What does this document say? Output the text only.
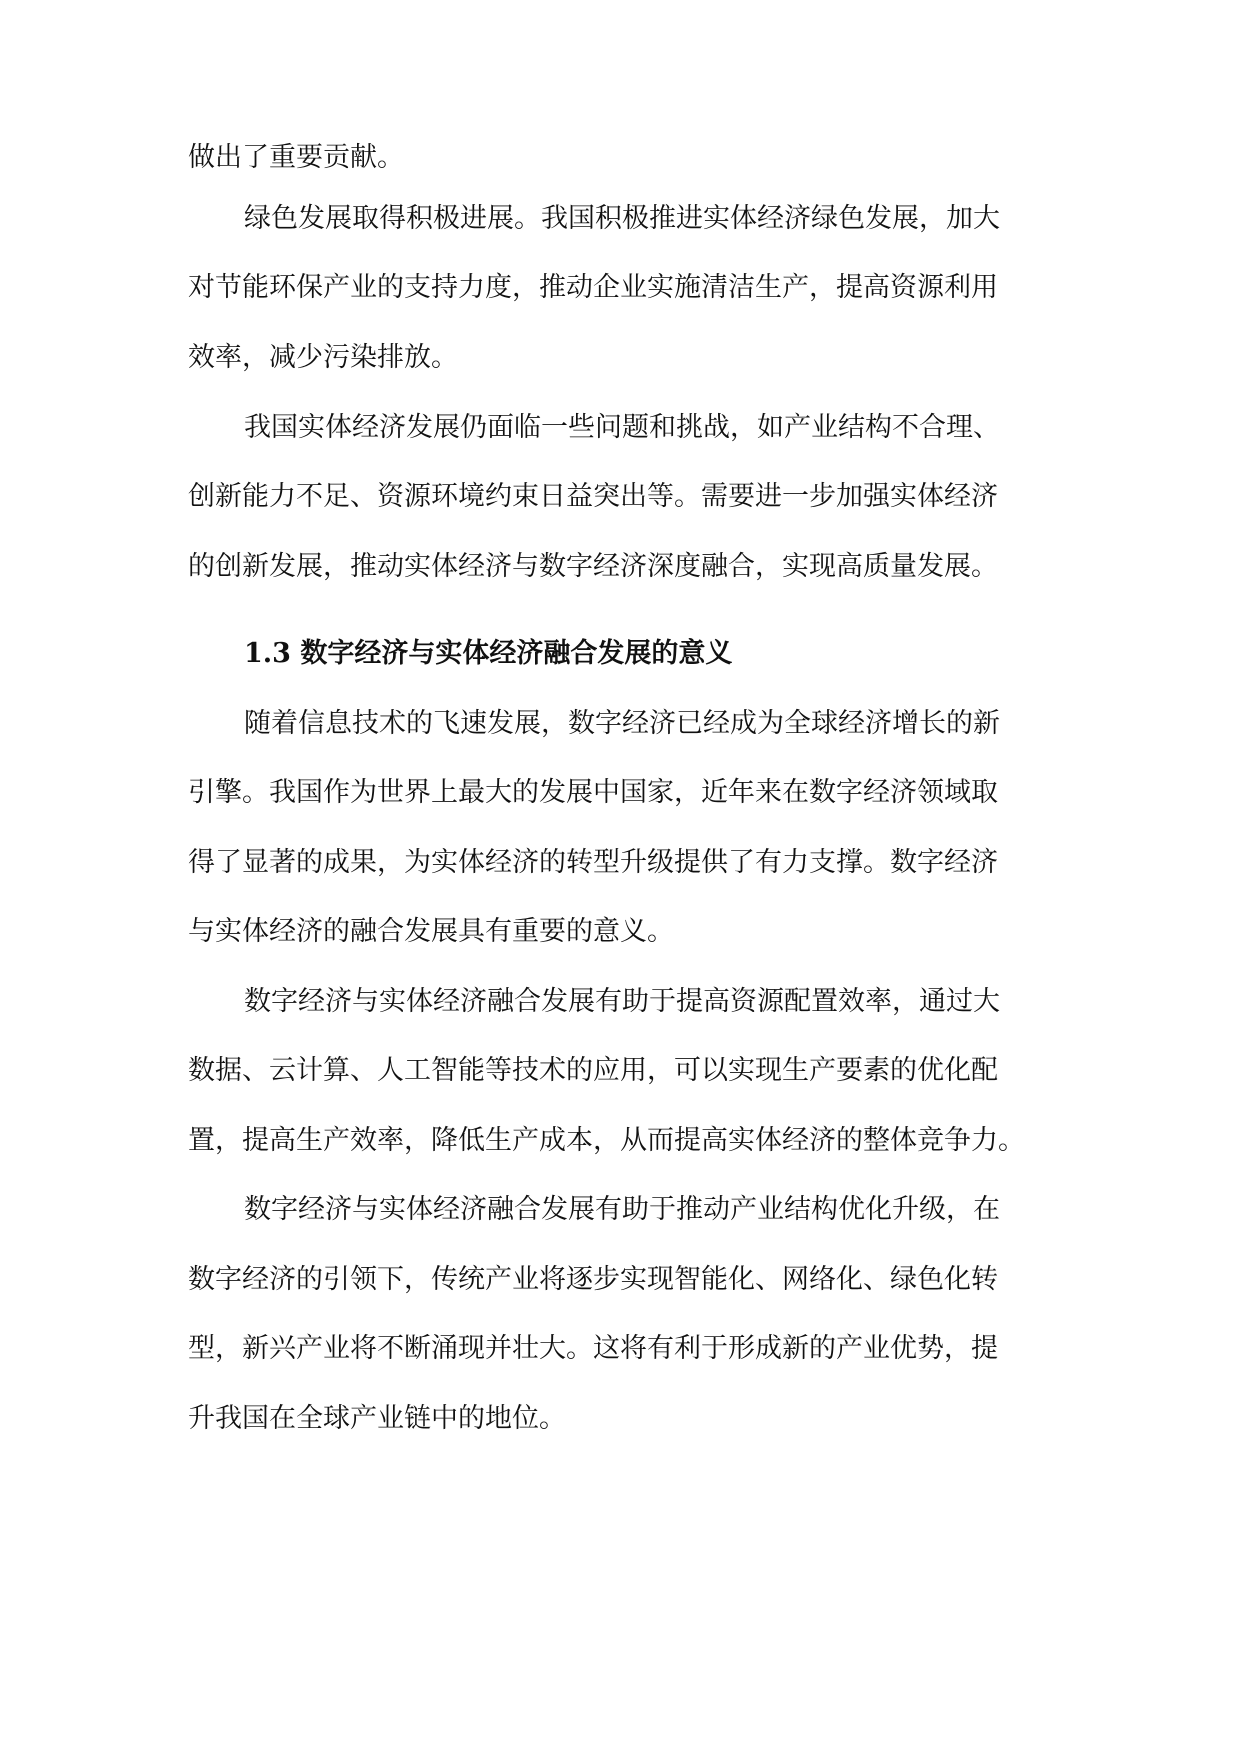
做出了重要贡献。

绿色发展取得积极进展。我国积极推进实体经济绿色发展，加大

对节能环保产业的支持力度，推动企业实施清洁生产，提高资源利用

效率，减少污染排放。

我国实体经济发展仍面临一些问题和挑战，如产业结构不合理、

创新能力不足、资源环境约束日益突出等。需要进一步加强实体经济

的创新发展，推动实体经济与数字经济深度融合，实现高质量发展。

1.3 数字经济与实体经济融合发展的意义

随着信息技术的飞速发展，数字经济已经成为全球经济增长的新

引擎。我国作为世界上最大的发展中国家，近年来在数字经济领域取

得了显著的成果，为实体经济的转型升级提供了有力支撑。数字经济

与实体经济的融合发展具有重要的意义。

数字经济与实体经济融合发展有助于提高资源配置效率，通过大

数据、云计算、人工智能等技术的应用，可以实现生产要素的优化配

置，提高生产效率，降低生产成本，从而提高实体经济的整体竞争力。

数字经济与实体经济融合发展有助于推动产业结构优化升级，在

数字经济的引领下，传统产业将逐步实现智能化、网络化、绿色化转

型，新兴产业将不断涌现并壮大。这将有利于形成新的产业优势，提

升我国在全球产业链中的地位。
